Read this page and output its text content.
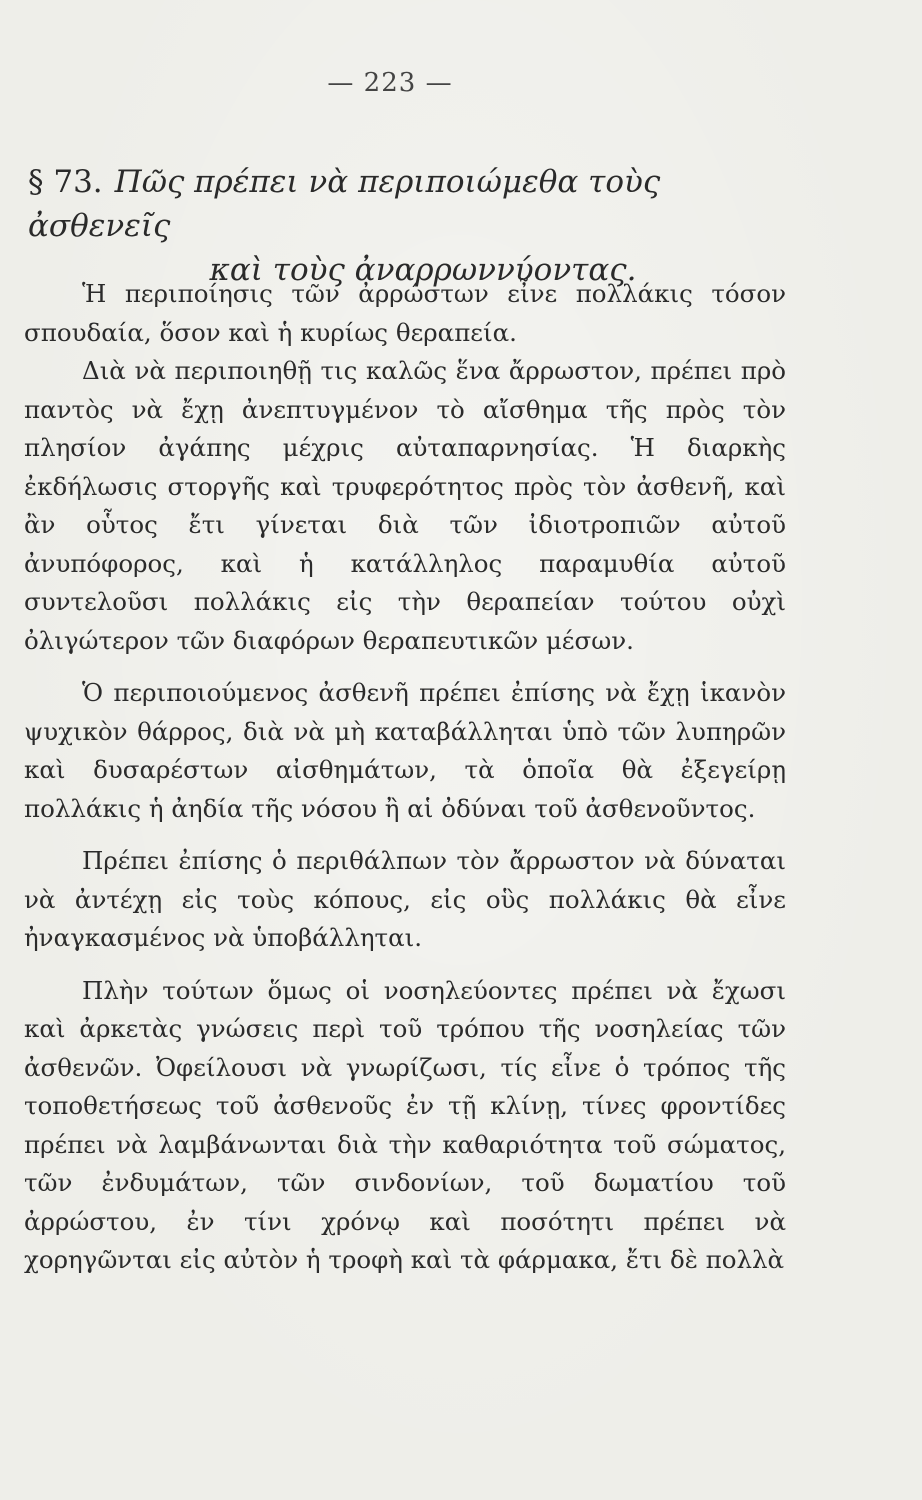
— 223 —
§ 73. Πῶς πρέπει νὰ περιποιώμεθα τοὺς ἀσθενεῖς
καὶ τοὺς ἀναρρωννύοντας.

Ἡ περιποίησις τῶν ἀρρώστων εἶνε πολλάκις τόσον σπουδαία, ὅσον καὶ ἡ κυρίως θεραπεία.

Διὰ νὰ περιποιηθῇ τις καλῶς ἕνα ἄρρωστον, πρέπει πρὸ παντὸς νὰ ἔχῃ ἀνεπτυγμένον τὸ αἴσθημα τῆς πρὸς τὸν πλησίον ἀγάπης μέχρις αὐταπαρνησίας. Ἡ διαρκὴς ἐκδήλωσις στοργῆς καὶ τρυφερότητος πρὸς τὸν ἀσθενῆ, καὶ ἂν οὗτος ἔτι γίνεται διὰ τῶν ἰδιοτροπιῶν αὐτοῦ ἀνυπόφορος, καὶ ἡ κατάλληλος παραμυθία αὐτοῦ συντελοῦσι πολλάκις εἰς τὴν θεραπείαν τούτου οὐχὶ ὀλιγώτερον τῶν διαφόρων θεραπευτικῶν μέσων.

Ὁ περιποιούμενος ἀσθενῆ πρέπει ἐπίσης νὰ ἔχῃ ἱκανὸν ψυχικὸν θάρρος, διὰ νὰ μὴ καταβάλληται ὑπὸ τῶν λυπηρῶν καὶ δυσαρέστων αἰσθημάτων, τὰ ὁποῖα θὰ ἐξεγείρῃ πολλάκις ἡ ἀηδία τῆς νόσου ἢ αἱ ὀδύναι τοῦ ἀσθενοῦντος.

Πρέπει ἐπίσης ὁ περιθάλπων τὸν ἄρρωστον νὰ δύναται νὰ ἀντέχῃ εἰς τοὺς κόπους, εἰς οὓς πολλάκις θὰ εἶνε ἠναγκασμένος νὰ ὑποβάλληται.

Πλὴν τούτων ὅμως οἱ νοσηλεύοντες πρέπει νὰ ἔχωσι καὶ ἀρκετὰς γνώσεις περὶ τοῦ τρόπου τῆς νοσηλείας τῶν ἀσθενῶν. Ὀφείλουσι νὰ γνωρίζωσι, τίς εἶνε ὁ τρόπος τῆς τοποθετήσεως τοῦ ἀσθενοῦς ἐν τῇ κλίνῃ, τίνες φροντίδες πρέπει νὰ λαμβάνωνται διὰ τὴν καθαριότητα τοῦ σώματος, τῶν ἐνδυμάτων, τῶν σινδονίων, τοῦ δωματίου τοῦ ἀρρώστου, ἐν τίνι χρόνῳ καὶ ποσότητι πρέπει νὰ χορηγῶνται εἰς αὐτὸν ἡ τροφὴ καὶ τὰ φάρμακα, ἔτι δὲ πολλὰ
